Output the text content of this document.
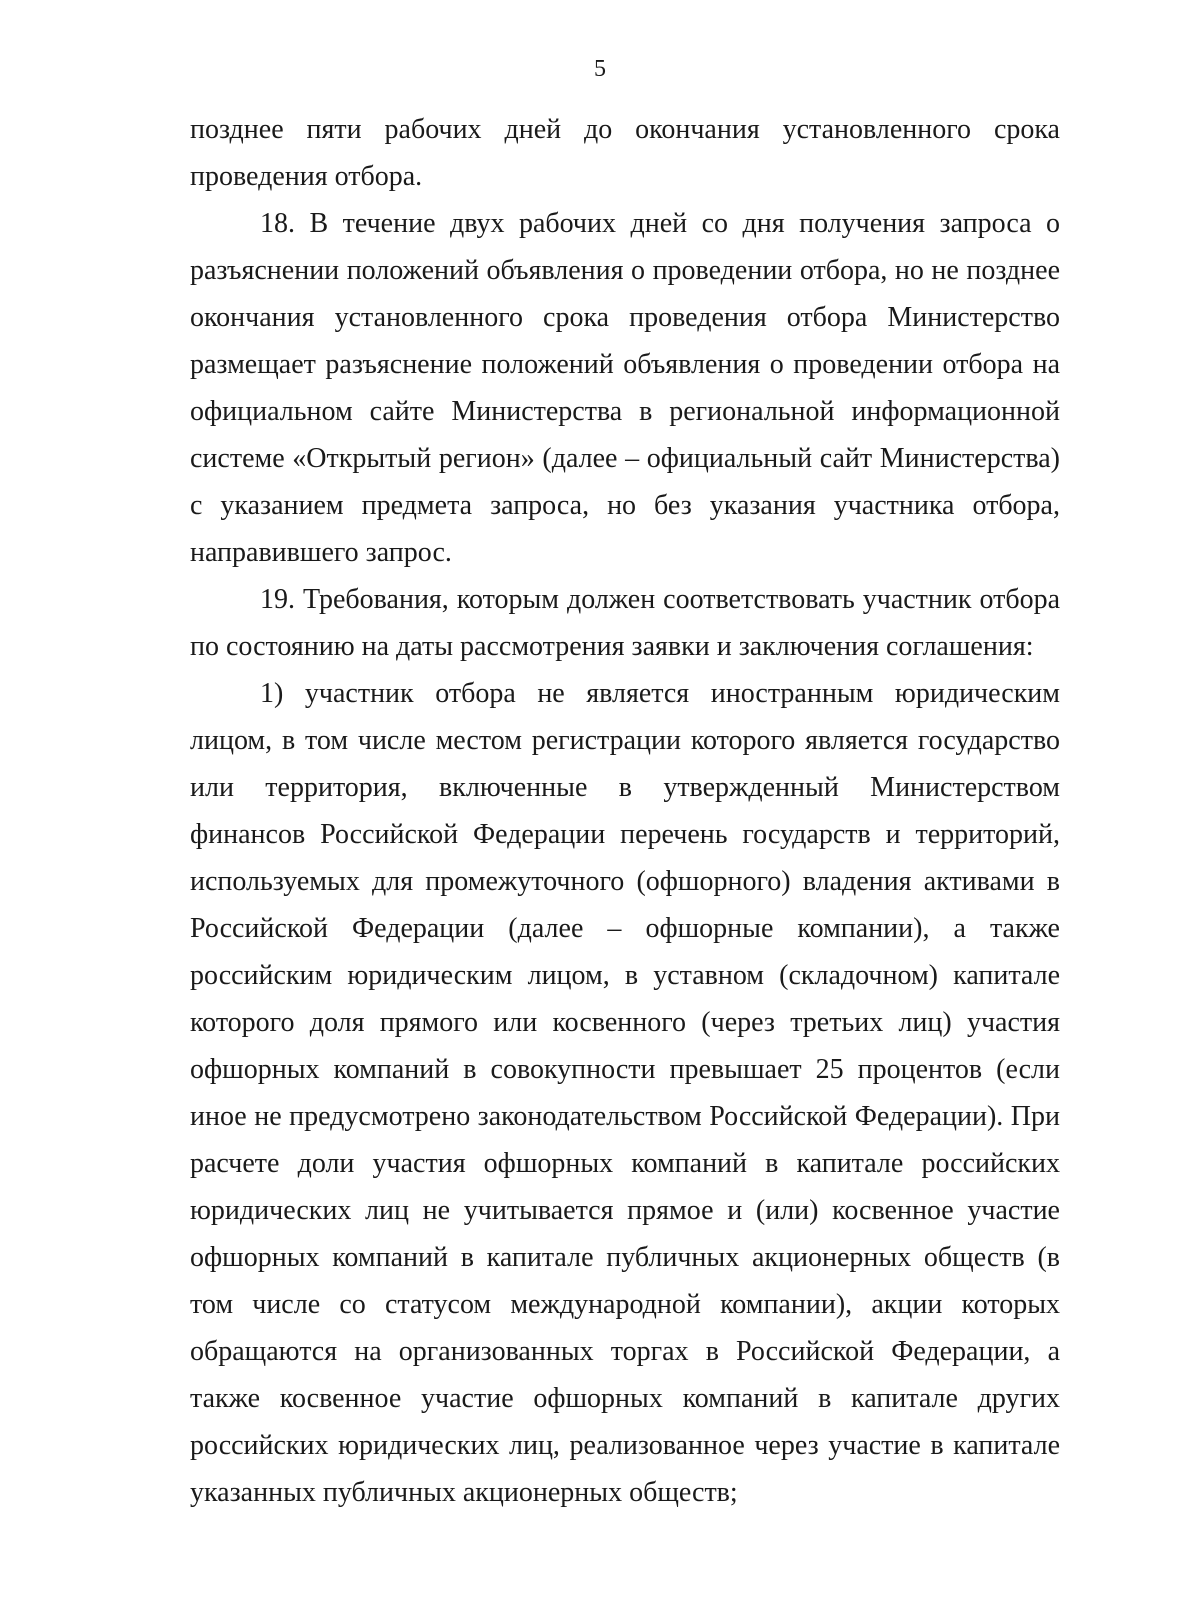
5

позднее пяти рабочих дней до окончания установленного срока проведения отбора.

18. В течение двух рабочих дней со дня получения запроса о разъяснении положений объявления о проведении отбора, но не позднее окончания установленного срока проведения отбора Министерство размещает разъяснение положений объявления о проведении отбора на официальном сайте Министерства в региональной информационной системе «Открытый регион» (далее – официальный сайт Министерства) с указанием предмета запроса, но без указания участника отбора, направившего запрос.

19. Требования, которым должен соответствовать участник отбора по состоянию на даты рассмотрения заявки и заключения соглашения:

1) участник отбора не является иностранным юридическим лицом, в том числе местом регистрации которого является государство или территория, включенные в утвержденный Министерством финансов Российской Федерации перечень государств и территорий, используемых для промежуточного (офшорного) владения активами в Российской Федерации (далее – офшорные компании), а также российским юридическим лицом, в уставном (складочном) капитале которого доля прямого или косвенного (через третьих лиц) участия офшорных компаний в совокупности превышает 25 процентов (если иное не предусмотрено законодательством Российской Федерации). При расчете доли участия офшорных компаний в капитале российских юридических лиц не учитывается прямое и (или) косвенное участие офшорных компаний в капитале публичных акционерных обществ (в том числе со статусом международной компании), акции которых обращаются на организованных торгах в Российской Федерации, а также косвенное участие офшорных компаний в капитале других российских юридических лиц, реализованное через участие в капитале указанных публичных акционерных обществ;
